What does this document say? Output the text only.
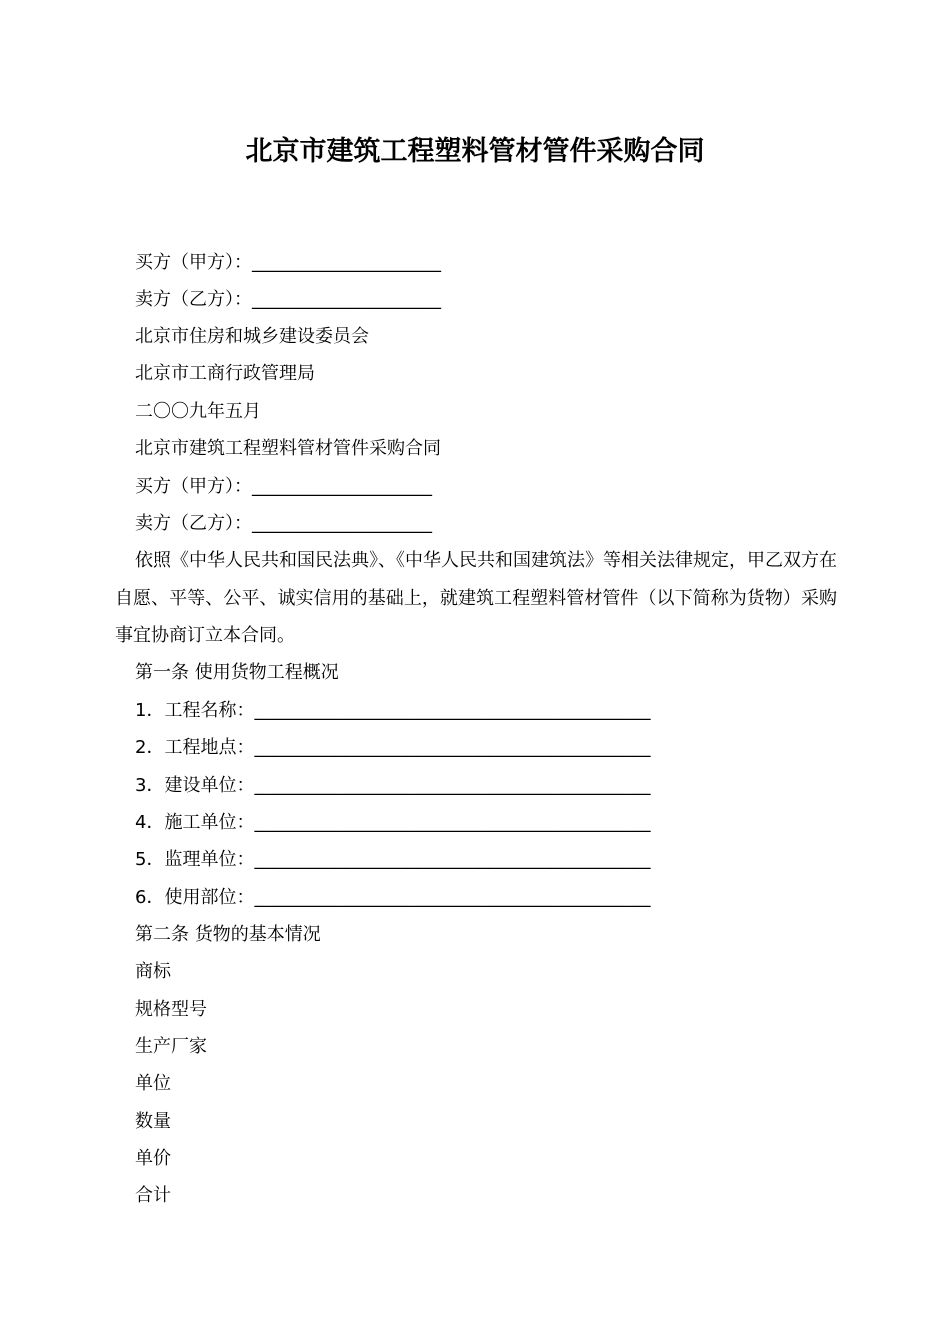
北京市建筑工程塑料管材管件采购合同
买方（甲方）：_____________________
卖方（乙方）：_____________________
北京市住房和城乡建设委员会
北京市工商行政管理局
二〇〇九年五月
北京市建筑工程塑料管材管件采购合同
买方（甲方）：____________________
卖方（乙方）：____________________
依照《中华人民共和国民法典》、《中华人民共和国建筑法》等相关法律规定，甲乙双方在自愿、平等、公平、诚实信用的基础上，就建筑工程塑料管材管件（以下简称为货物）采购事宜协商订立本合同。
第一条 使用货物工程概况
1．工程名称：____________________________________________
2．工程地点：____________________________________________
3．建设单位：____________________________________________
4．施工单位：____________________________________________
5．监理单位：____________________________________________
6．使用部位：____________________________________________
第二条 货物的基本情况
商标
规格型号
生产厂家
单位
数量
单价
合计
